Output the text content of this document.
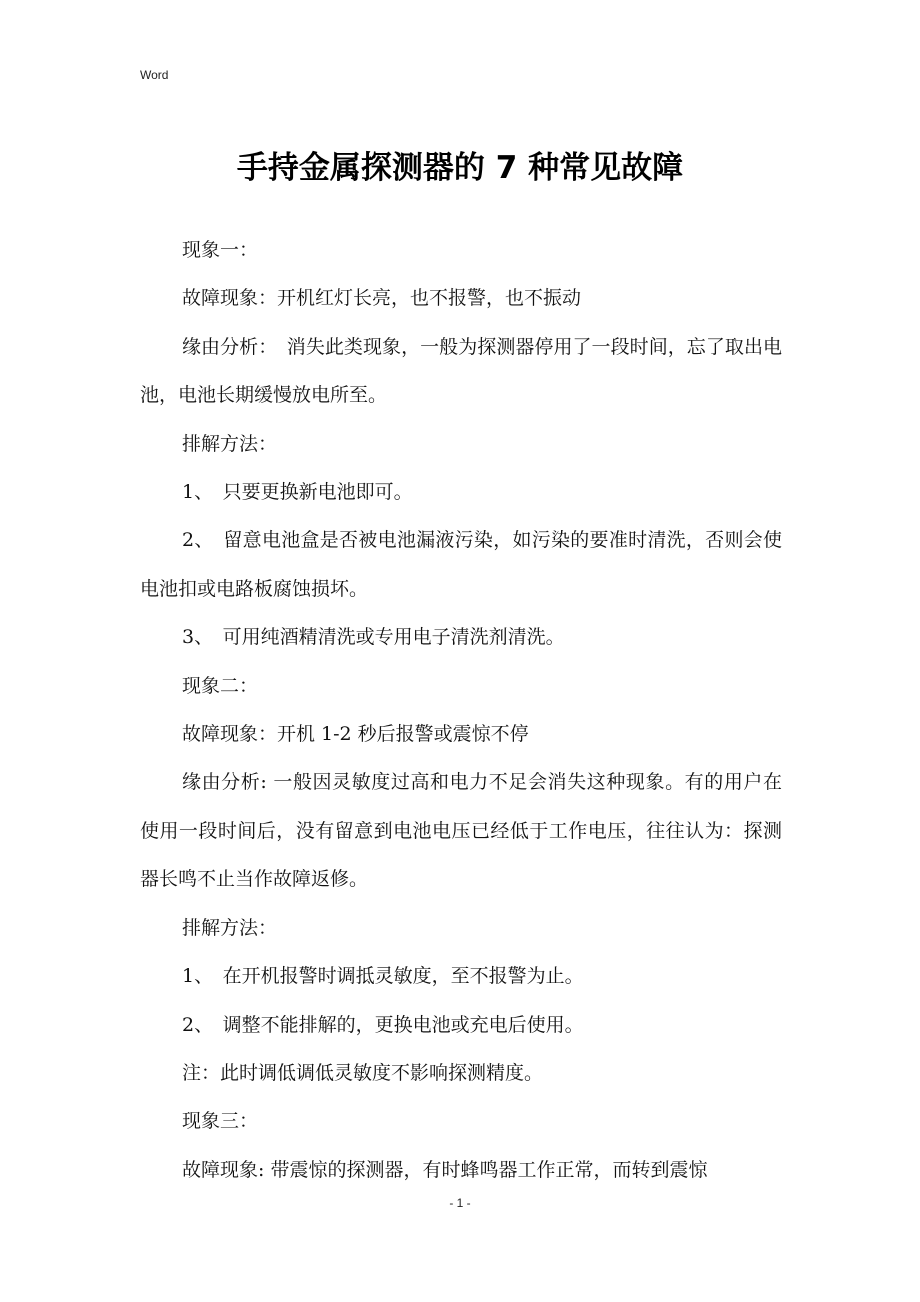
Word
手持金属探测器的 7 种常见故障

现象一：

故障现象：开机红灯长亮，也不报警，也不振动

缘由分析：　消失此类现象，一般为探测器停用了一段时间，忘了取出电池，电池长期缓慢放电所至。

排解方法：

1、　只要更换新电池即可。

2、　留意电池盒是否被电池漏液污染，如污染的要准时清洗，否则会使电池扣或电路板腐蚀损坏。

3、　可用纯酒精清洗或专用电子清洗剂清洗。

现象二：

故障现象：开机 1-2 秒后报警或震惊不停

缘由分析: 一般因灵敏度过高和电力不足会消失这种现象。有的用户在使用一段时间后，没有留意到电池电压已经低于工作电压，往往认为：探测器长鸣不止当作故障返修。

排解方法：

1、　在开机报警时调抵灵敏度，至不报警为止。

2、　调整不能排解的，更换电池或充电后使用。

注：此时调低调低灵敏度不影响探测精度。

现象三：

故障现象: 带震惊的探测器，有时蜂鸣器工作正常，而转到震惊

- 1 -
